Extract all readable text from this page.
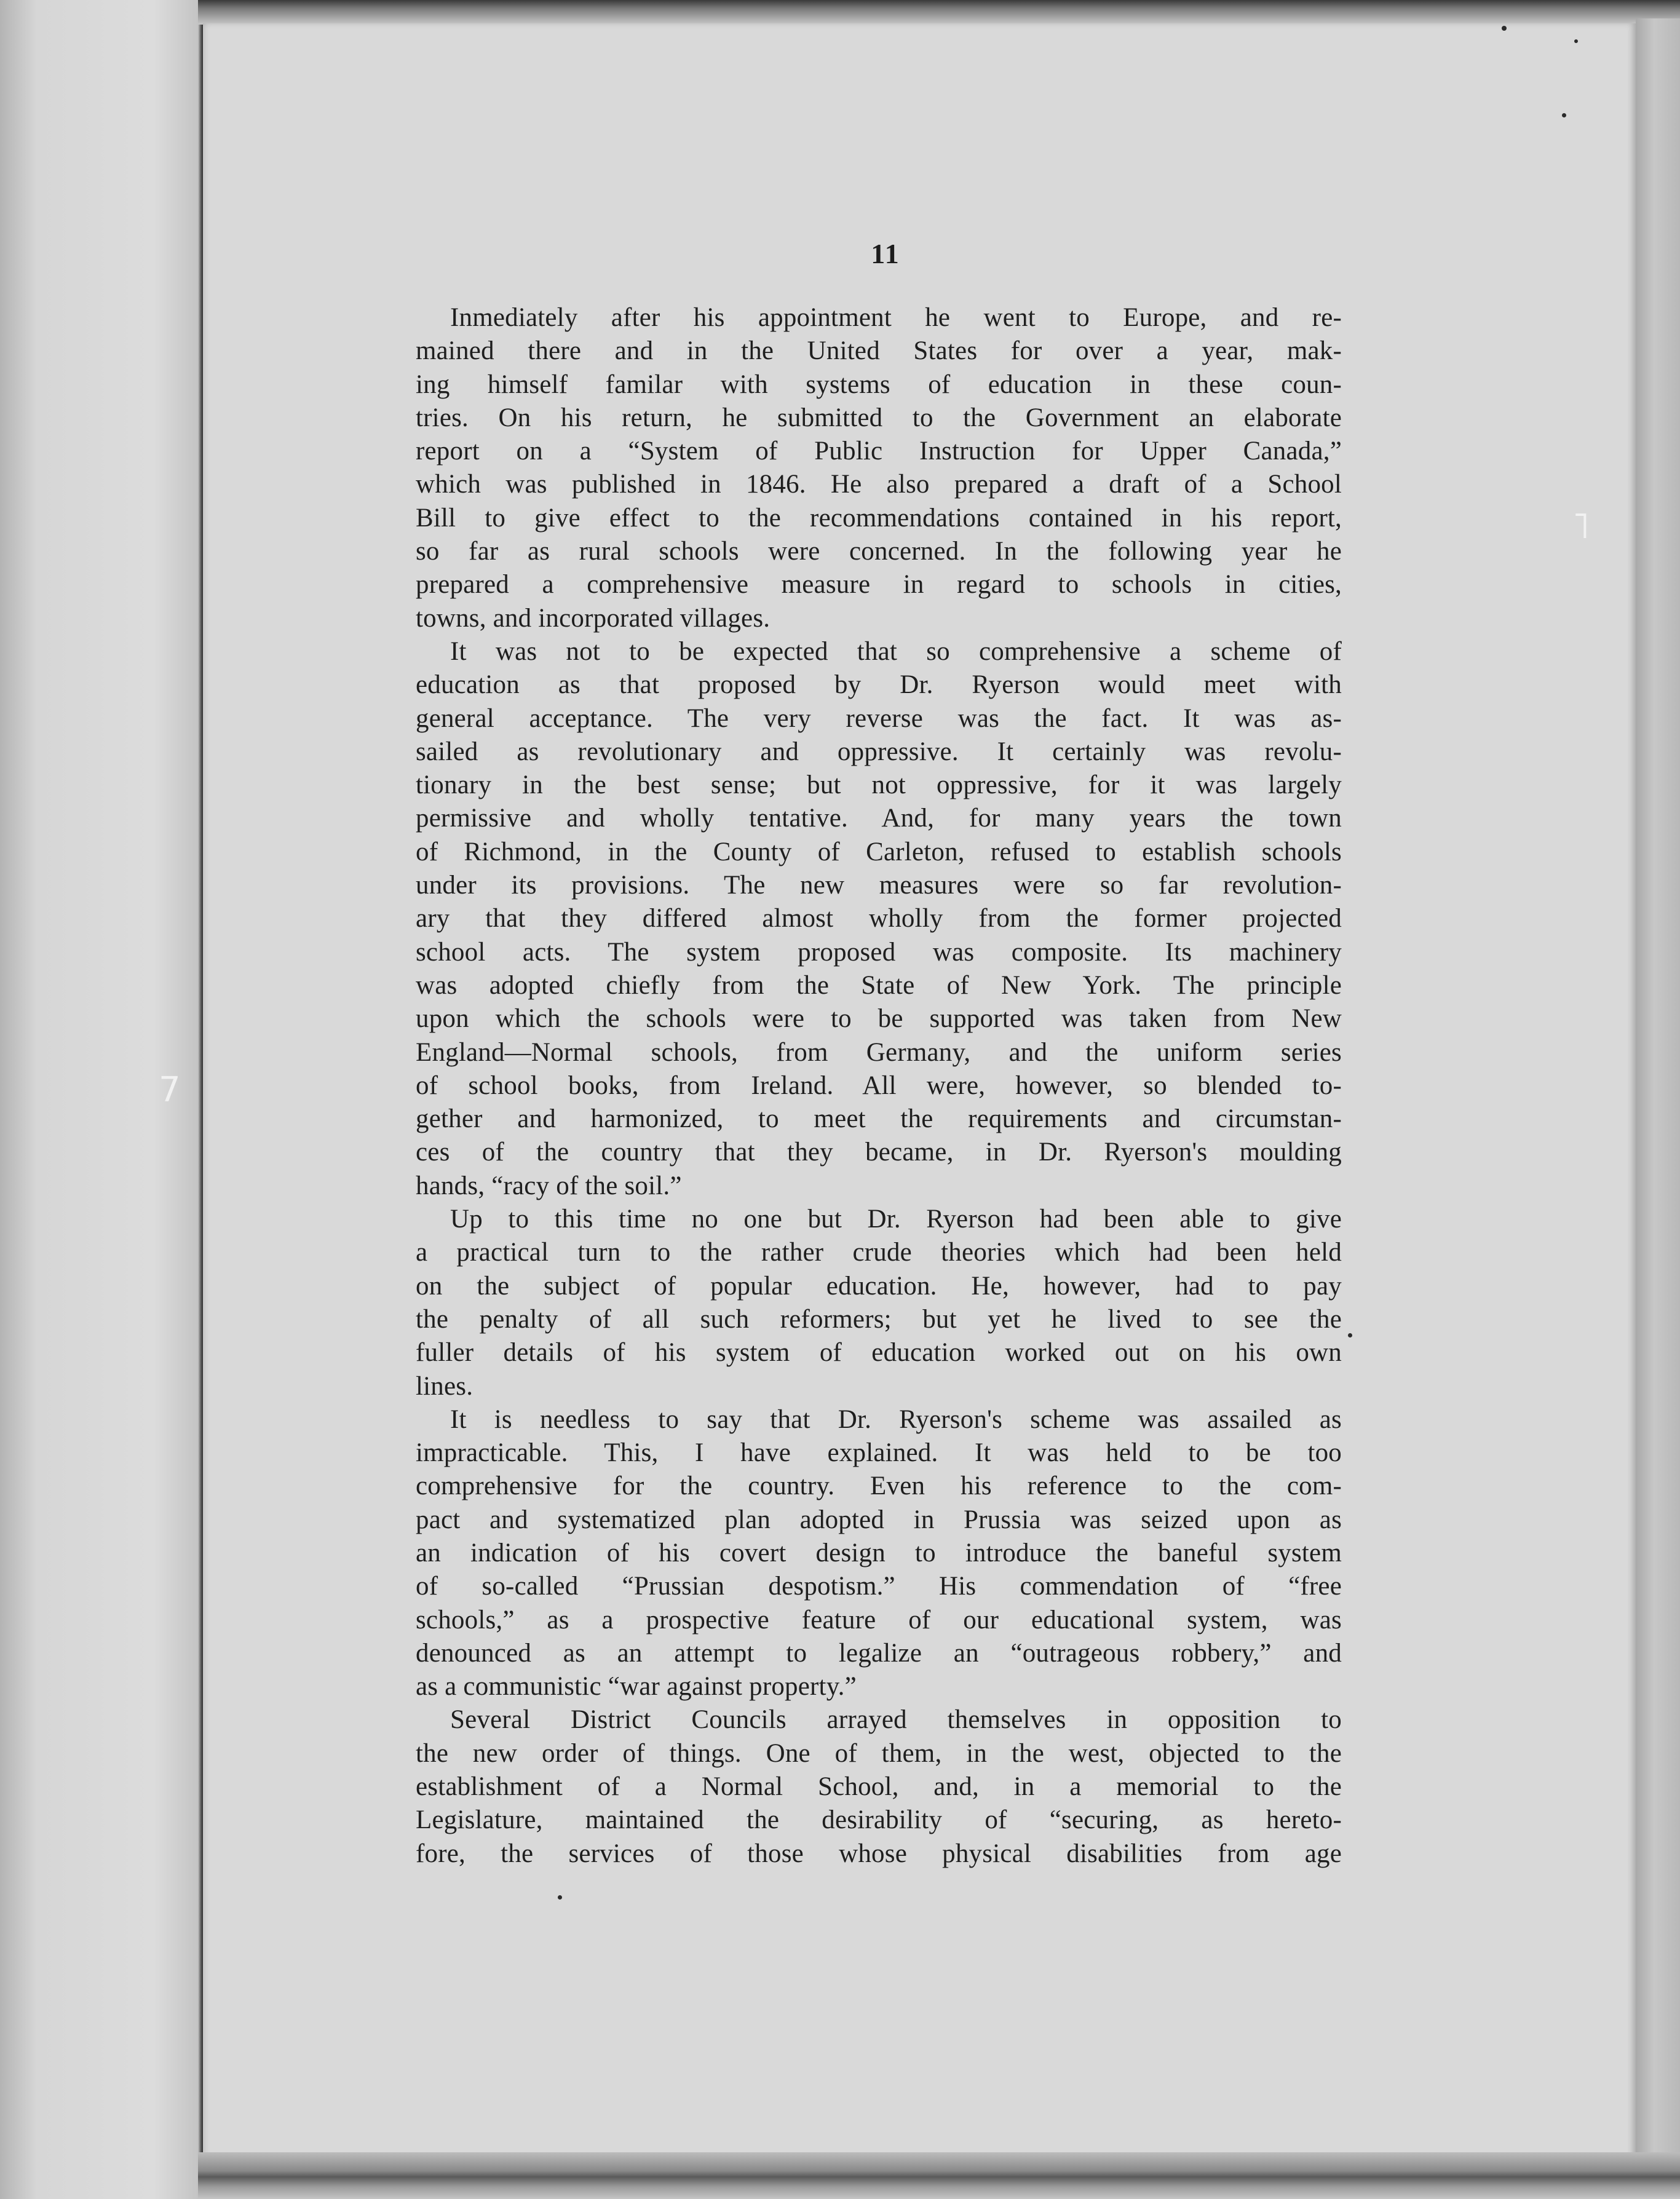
11
Inmediately after his appointment he went to Europe, and re-
mained there and in the United States for over a year, mak-
ing himself familar with systems of education in these coun-
tries. On his return, he submitted to the Government an elaborate
report on a “System of Public Instruction for Upper Canada,”
which was published in 1846. He also prepared a draft of a School
Bill to give effect to the recommendations contained in his report,
so far as rural schools were concerned. In the following year he
prepared a comprehensive measure in regard to schools in cities,
towns, and incorporated villages.
It was not to be expected that so comprehensive a scheme of
education as that proposed by Dr. Ryerson would meet with
general acceptance. The very reverse was the fact. It was as-
sailed as revolutionary and oppressive. It certainly was revolu-
tionary in the best sense; but not oppressive, for it was largely
permissive and wholly tentative. And, for many years the town
of Richmond, in the County of Carleton, refused to establish schools
under its provisions. The new measures were so far revolution-
ary that they differed almost wholly from the former projected
school acts. The system proposed was composite. Its machinery
was adopted chiefly from the State of New York. The principle
upon which the schools were to be supported was taken from New
England—Normal schools, from Germany, and the uniform series
of school books, from Ireland. All were, however, so blended to-
gether and harmonized, to meet the requirements and circumstan-
ces of the country that they became, in Dr. Ryerson's moulding
hands, “racy of the soil.”
Up to this time no one but Dr. Ryerson had been able to give
a practical turn to the rather crude theories which had been held
on the subject of popular education. He, however, had to pay
the penalty of all such reformers; but yet he lived to see the
fuller details of his system of education worked out on his own
lines.
It is needless to say that Dr. Ryerson's scheme was assailed as
impracticable. This, I have explained. It was held to be too
comprehensive for the country. Even his reference to the com-
pact and systematized plan adopted in Prussia was seized upon as
an indication of his covert design to introduce the baneful system
of so-called “Prussian despotism.” His commendation of “free
schools,” as a prospective feature of our educational system, was
denounced as an attempt to legalize an “outrageous robbery,” and
as a communistic “war against property.”
Several District Councils arrayed themselves in opposition to
the new order of things. One of them, in the west, objected to the
establishment of a Normal School, and, in a memorial to the
Legislature, maintained the desirability of “securing, as hereto-
fore, the services of those whose physical disabilities from age
˥
7
